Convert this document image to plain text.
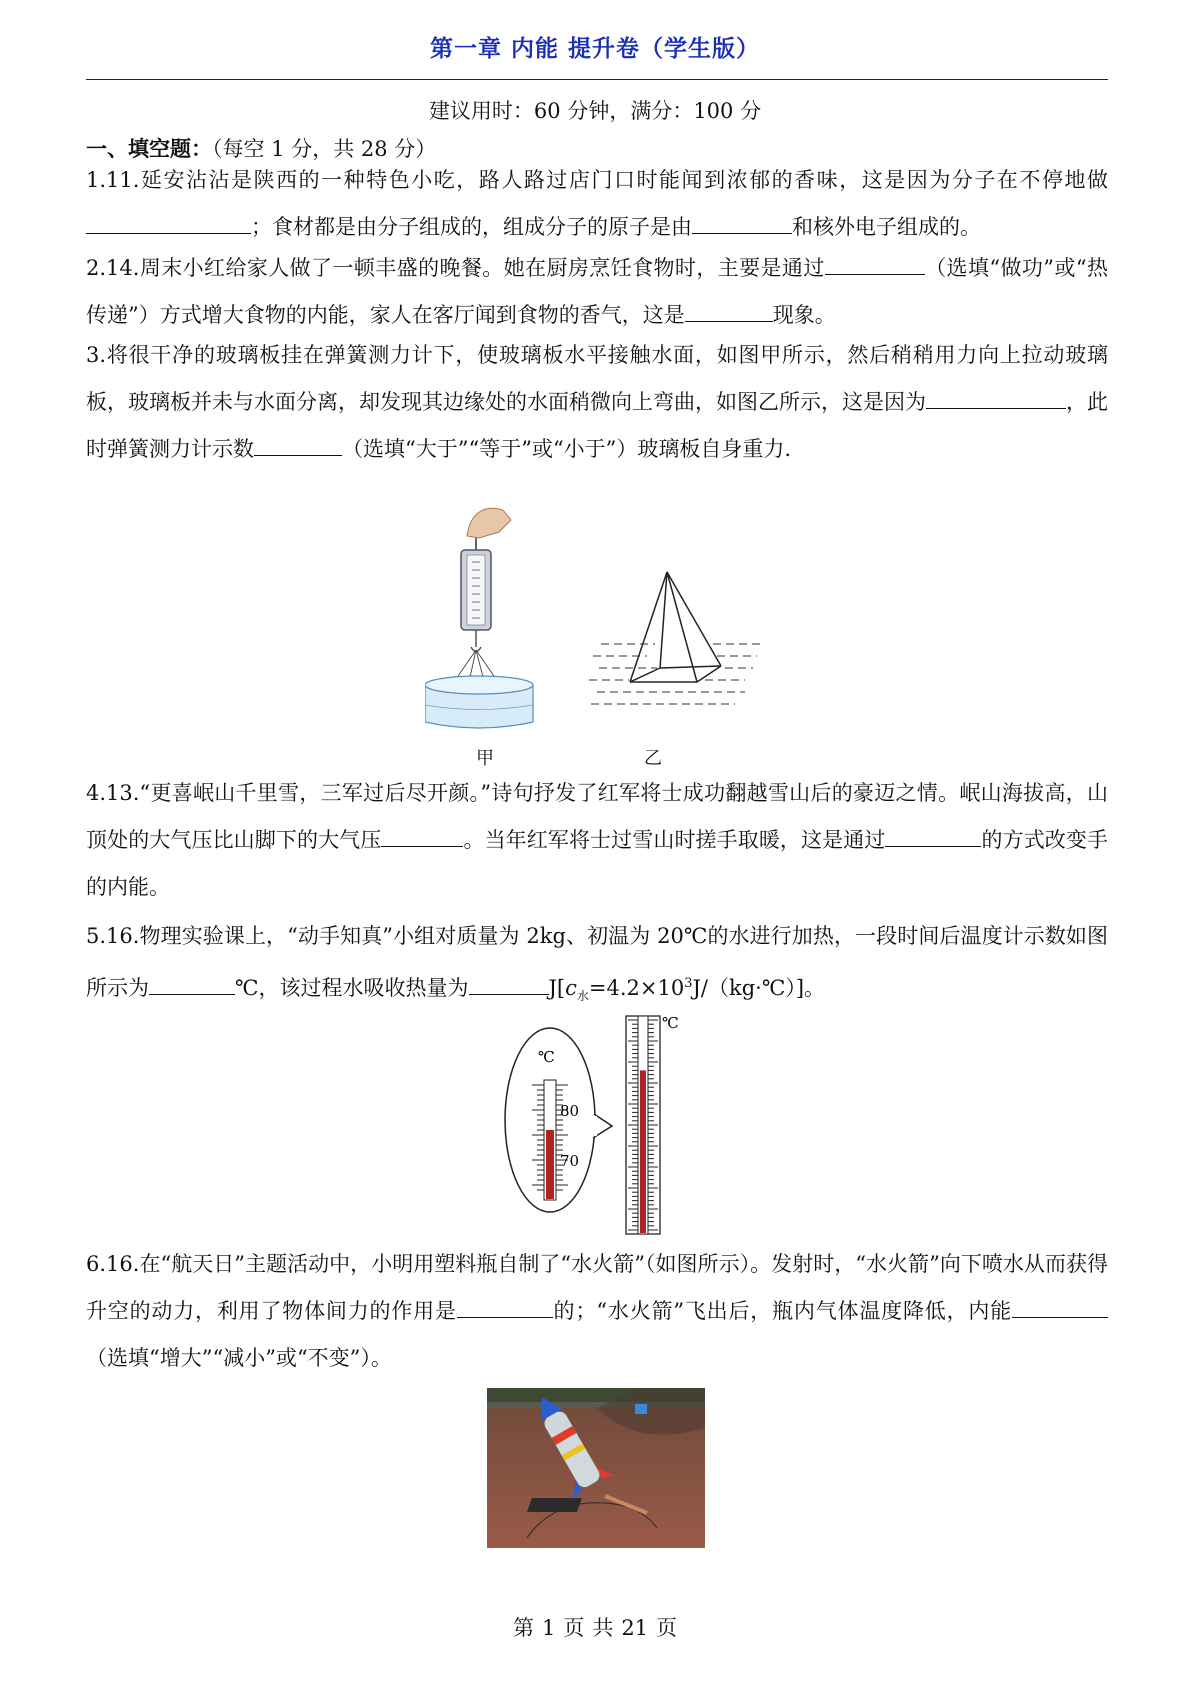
第一章 内能 提升卷（学生版）
建议用时：60 分钟，满分：100 分
一、填空题：（每空 1 分，共 28 分）
1.11.延安沾沾是陕西的一种特色小吃，路人路过店门口时能闻到浓郁的香味，这是因为分子在不停地做；食材都是由分子组成的，组成分子的原子是由	和核外电子组成的。
2.14.周末小红给家人做了一顿丰盛的晚餐。她在厨房烹饪食物时，主要是通过	（选填“做功”或“热传递”）方式增大食物的内能，家人在客厅闻到食物的香气，这是	现象。
3.将很干净的玻璃板挂在弹簧测力计下，使玻璃板水平接触水面，如图甲所示，然后稍稍用力向上拉动玻璃板，玻璃板并未与水面分离，却发现其边缘处的水面稍微向上弯曲，如图乙所示，这是因为	，此时弹簧测力计示数	（选填“大于”“等于”或“小于”）玻璃板自身重力.
甲	乙
4.13.“更喜岷山千里雪，三军过后尽开颜。”诗句抒发了红军将士成功翻越雪山后的豪迈之情。岷山海拔高，山顶处的大气压比山脚下的大气压	。当年红军将士过雪山时搓手取暖，这是通过	的方式改变手的内能。
5.16.物理实验课上，“动手知真”小组对质量为 2kg、初温为 20℃的水进行加热，一段时间后温度计示数如图所示为	℃，该过程水吸收热量为	$J[c_水=4.2\times 10^3J/(kg\cdot℃)]$。
℃
80
70
℃
6.16.在“航天日”主题活动中，小明用塑料瓶自制了“水火箭”（如图所示）。发射时，“水火箭”向下喷水从而获得升空的动力，利用了物体间力的作用是	的；“水火箭”飞出后，瓶内气体温度降低，内能（选填“增大”“减小”或“不变”）。
第 1 页 共 21 页
